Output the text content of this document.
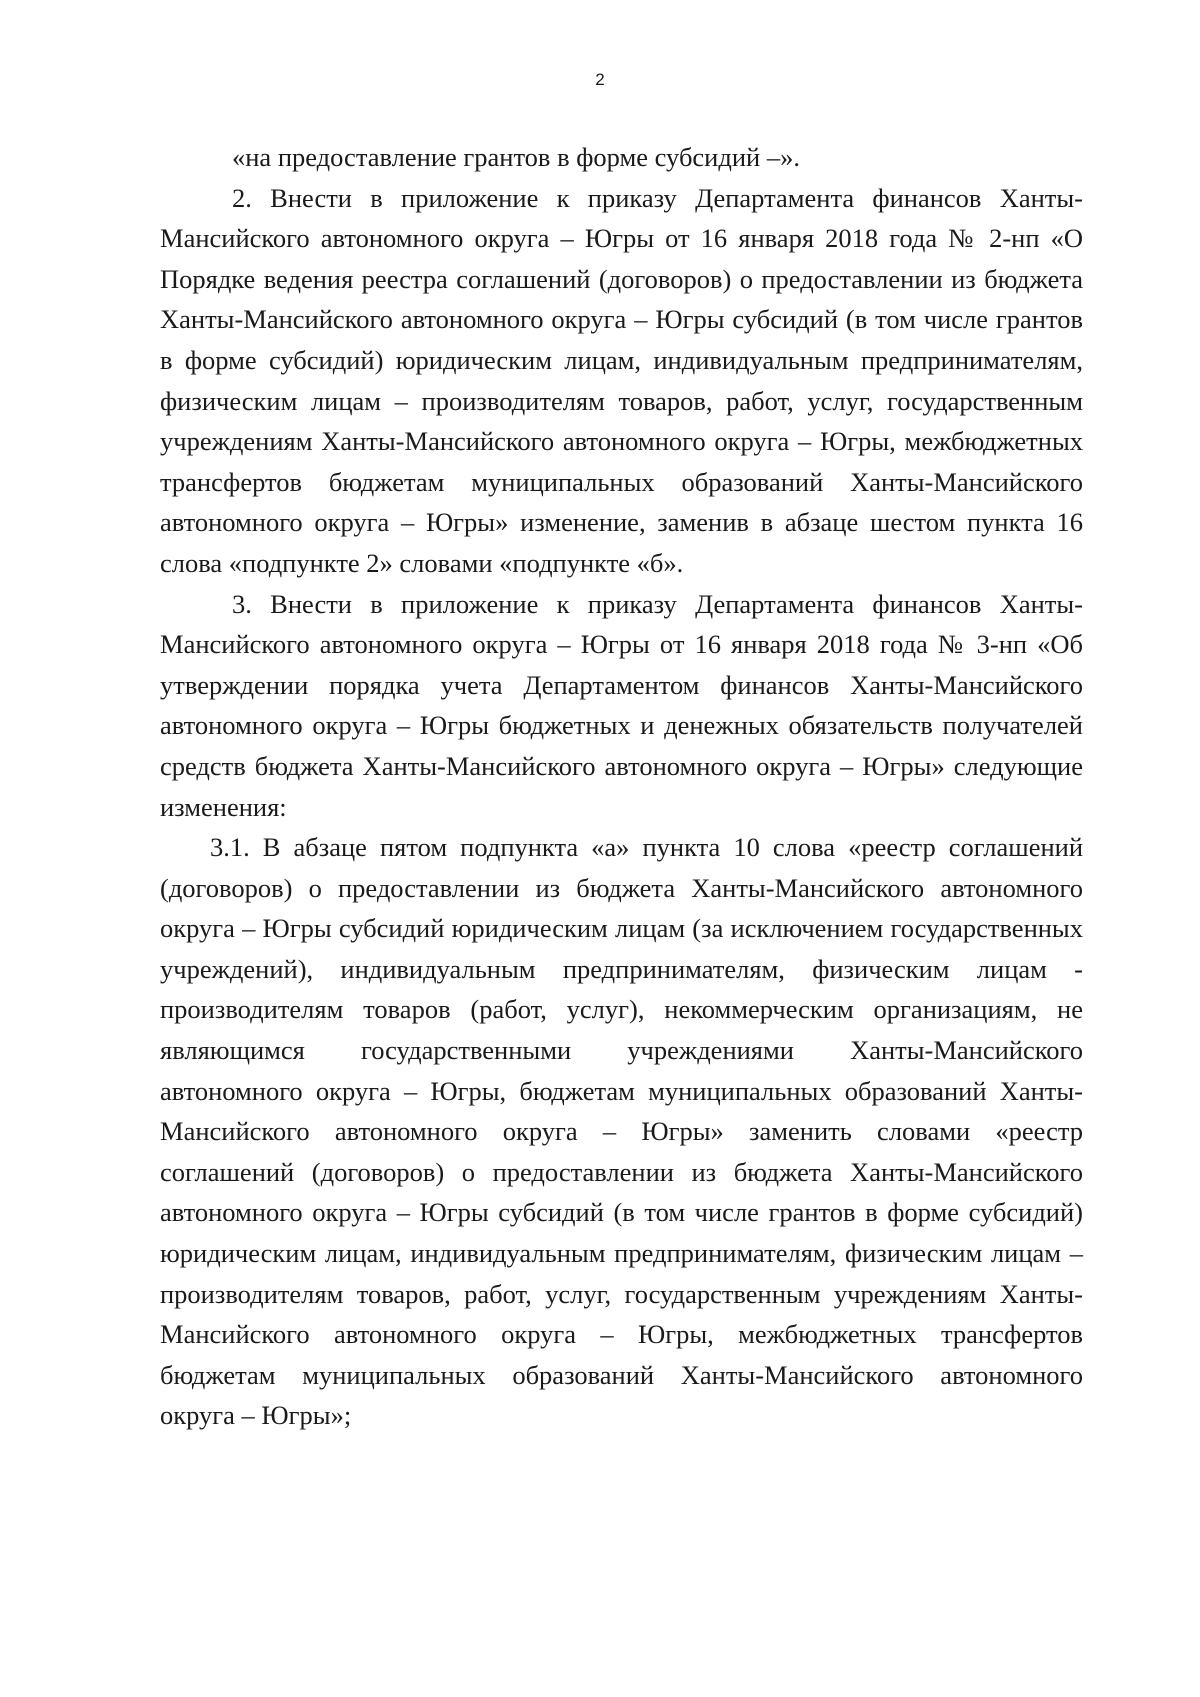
2

«на предоставление грантов в форме субсидий –».

2. Внести в приложение к приказу Департамента финансов Ханты-Мансийского автономного округа – Югры от 16 января 2018 года № 2-нп «О Порядке ведения реестра соглашений (договоров) о предоставлении из бюджета Ханты-Мансийского автономного округа – Югры субсидий (в том числе грантов в форме субсидий) юридическим лицам, индивидуальным предпринимателям, физическим лицам – производителям товаров, работ, услуг, государственным учреждениям Ханты-Мансийского автономного округа – Югры, межбюджетных трансфертов бюджетам муниципальных образований Ханты-Мансийского автономного округа – Югры» изменение, заменив в абзаце шестом пункта 16 слова «подпункте 2» словами «подпункте «б».

3. Внести в приложение к приказу Департамента финансов Ханты-Мансийского автономного округа – Югры от 16 января 2018 года № 3-нп «Об утверждении порядка учета Департаментом финансов Ханты-Мансийского автономного округа – Югры бюджетных и денежных обязательств получателей средств бюджета Ханты-Мансийского автономного округа – Югры» следующие изменения:

3.1. В абзаце пятом подпункта «а» пункта 10 слова «реестр соглашений (договоров) о предоставлении из бюджета Ханты-Мансийского автономного округа – Югры субсидий юридическим лицам (за исключением государственных учреждений), индивидуальным предпринимателям, физическим лицам - производителям товаров (работ, услуг), некоммерческим организациям, не являющимся государственными учреждениями Ханты-Мансийского автономного округа – Югры, бюджетам муниципальных образований Ханты-Мансийского автономного округа – Югры» заменить словами «реестр соглашений (договоров) о предоставлении из бюджета Ханты-Мансийского автономного округа – Югры субсидий (в том числе грантов в форме субсидий) юридическим лицам, индивидуальным предпринимателям, физическим лицам – производителям товаров, работ, услуг, государственным учреждениям Ханты-Мансийского автономного округа – Югры, межбюджетных трансфертов бюджетам муниципальных образований Ханты-Мансийского автономного округа – Югры»;
